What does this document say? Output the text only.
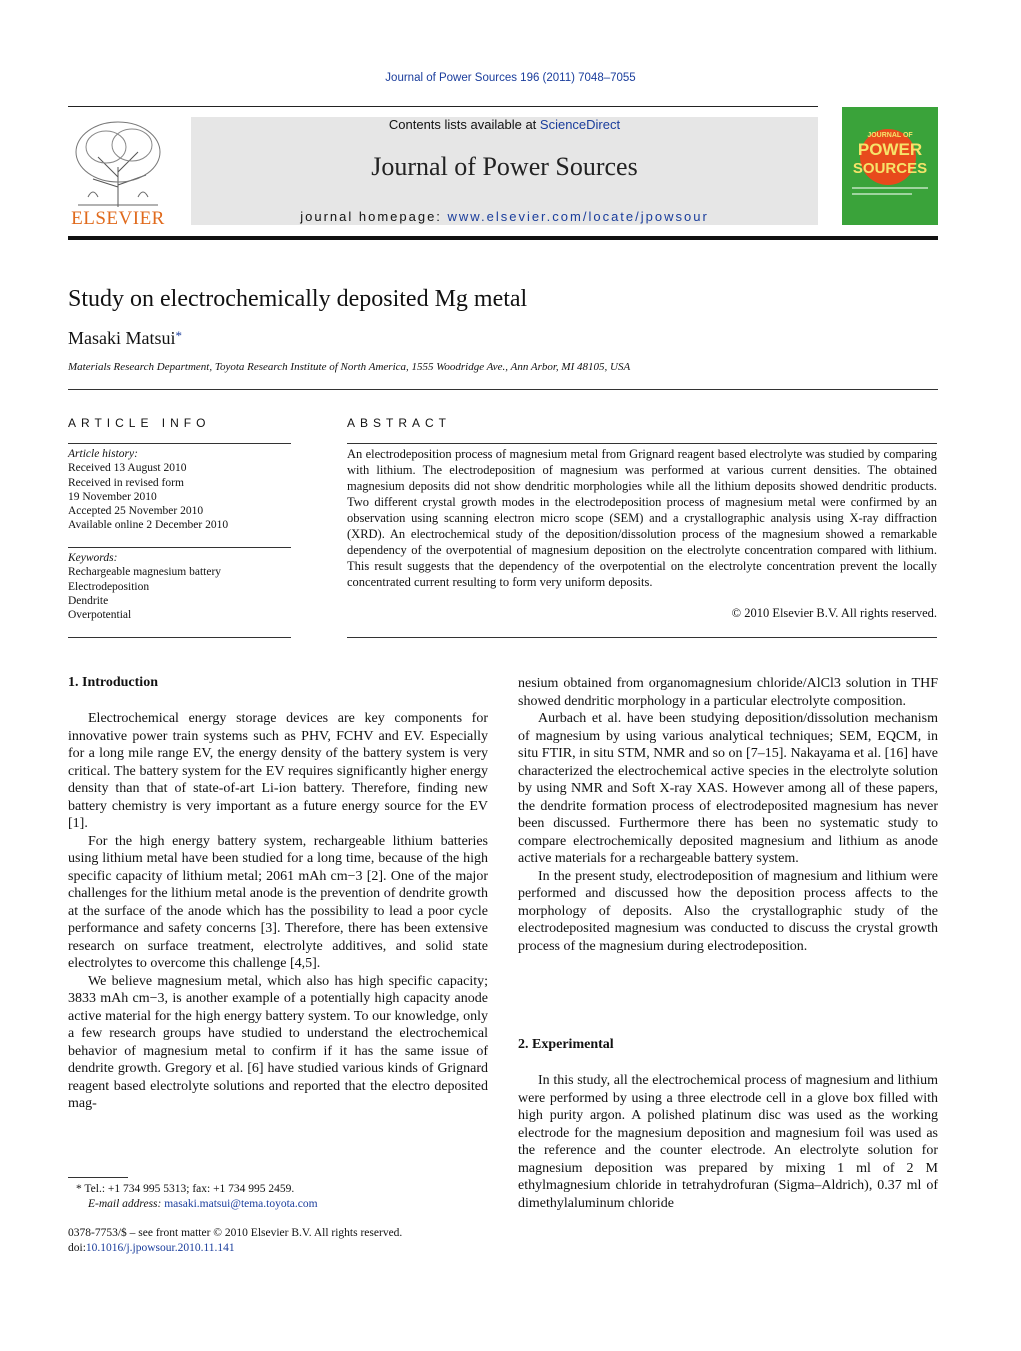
Journal of Power Sources 196 (2011) 7048–7055
ELSEVIER
Contents lists available at ScienceDirect
Journal of Power Sources
journal homepage: www.elsevier.com/locate/jpowsour
JOURNAL OF
POWER
SOURCES
Study on electrochemically deposited Mg metal
Masaki Matsui*
Materials Research Department, Toyota Research Institute of North America, 1555 Woodridge Ave., Ann Arbor, MI 48105, USA
ARTICLE INFO
Article history:
Received 13 August 2010
Received in revised form
19 November 2010
Accepted 25 November 2010
Available online 2 December 2010
Keywords:
Rechargeable magnesium battery
Electrodeposition
Dendrite
Overpotential
ABSTRACT
An electrodeposition process of magnesium metal from Grignard reagent based electrolyte was studied by comparing with lithium. The electrodeposition of magnesium was performed at various current densities. The obtained magnesium deposits did not show dendritic morphologies while all the lithium deposits showed dendritic products. Two different crystal growth modes in the electrodeposition process of magnesium metal were confirmed by an observation using scanning electron micro scope (SEM) and a crystallographic analysis using X-ray diffraction (XRD). An electrochemical study of the deposition/dissolution process of the magnesium showed a remarkable dependency of the overpotential of magnesium deposition on the electrolyte concentration compared with lithium. This result suggests that the dependency of the overpotential on the electrolyte concentration prevent the locally concentrated current resulting to form very uniform deposits.
© 2010 Elsevier B.V. All rights reserved.
1. Introduction

Electrochemical energy storage devices are key components for innovative power train systems such as PHV, FCHV and EV. Especially for a long mile range EV, the energy density of the battery system is very critical. The battery system for the EV requires significantly higher energy density than that of state-of-art Li-ion battery. Therefore, finding new battery chemistry is very important as a future energy source for the EV [1].

For the high energy battery system, rechargeable lithium batteries using lithium metal have been studied for a long time, because of the high specific capacity of lithium metal; 2061 mAh cm−3 [2]. One of the major challenges for the lithium metal anode is the prevention of dendrite growth at the surface of the anode which has the possibility to lead a poor cycle performance and safety concerns [3]. Therefore, there has been extensive research on surface treatment, electrolyte additives, and solid state electrolytes to overcome this challenge [4,5].

We believe magnesium metal, which also has high specific capacity; 3833 mAh cm−3, is another example of a potentially high capacity anode active material for the high energy battery system. To our knowledge, only a few research groups have studied to understand the electrochemical behavior of magnesium metal to confirm if it has the same issue of dendrite growth. Gregory et al. [6] have studied various kinds of Grignard reagent based electrolyte solutions and reported that the electro deposited mag-

nesium obtained from organomagnesium chloride/AlCl3 solution in THF showed dendritic morphology in a particular electrolyte composition.

Aurbach et al. have been studying deposition/dissolution mechanism of magnesium by using various analytical techniques; SEM, EQCM, in situ FTIR, in situ STM, NMR and so on [7–15]. Nakayama et al. [16] have characterized the electrochemical active species in the electrolyte solution by using NMR and Soft X-ray XAS. However among all of these papers, the dendrite formation process of electrodeposited magnesium has never been discussed. Furthermore there has been no systematic study to compare electrochemically deposited magnesium and lithium as anode active materials for a rechargeable battery system.

In the present study, electrodeposition of magnesium and lithium were performed and discussed how the deposition process affects to the morphology of deposits. Also the crystallographic study of the electrodeposited magnesium was conducted to discuss the crystal growth process of the magnesium during electrodeposition.

2. Experimental

In this study, all the electrochemical process of magnesium and lithium were performed by using a three electrode cell in a glove box filled with high purity argon. A polished platinum disc was used as the working electrode for the magnesium deposition and magnesium foil was used as the reference and the counter electrode. An electrolyte solution for magnesium deposition was prepared by mixing 1 ml of 2 M ethylmagnesium chloride in tetrahydrofuran (Sigma–Aldrich), 0.37 ml of dimethylaluminum chloride

* Tel.: +1 734 995 5313; fax: +1 734 995 2459.
E-mail address: masaki.matsui@tema.toyota.com
0378-7753/$ – see front matter © 2010 Elsevier B.V. All rights reserved.
doi:10.1016/j.jpowsour.2010.11.141
